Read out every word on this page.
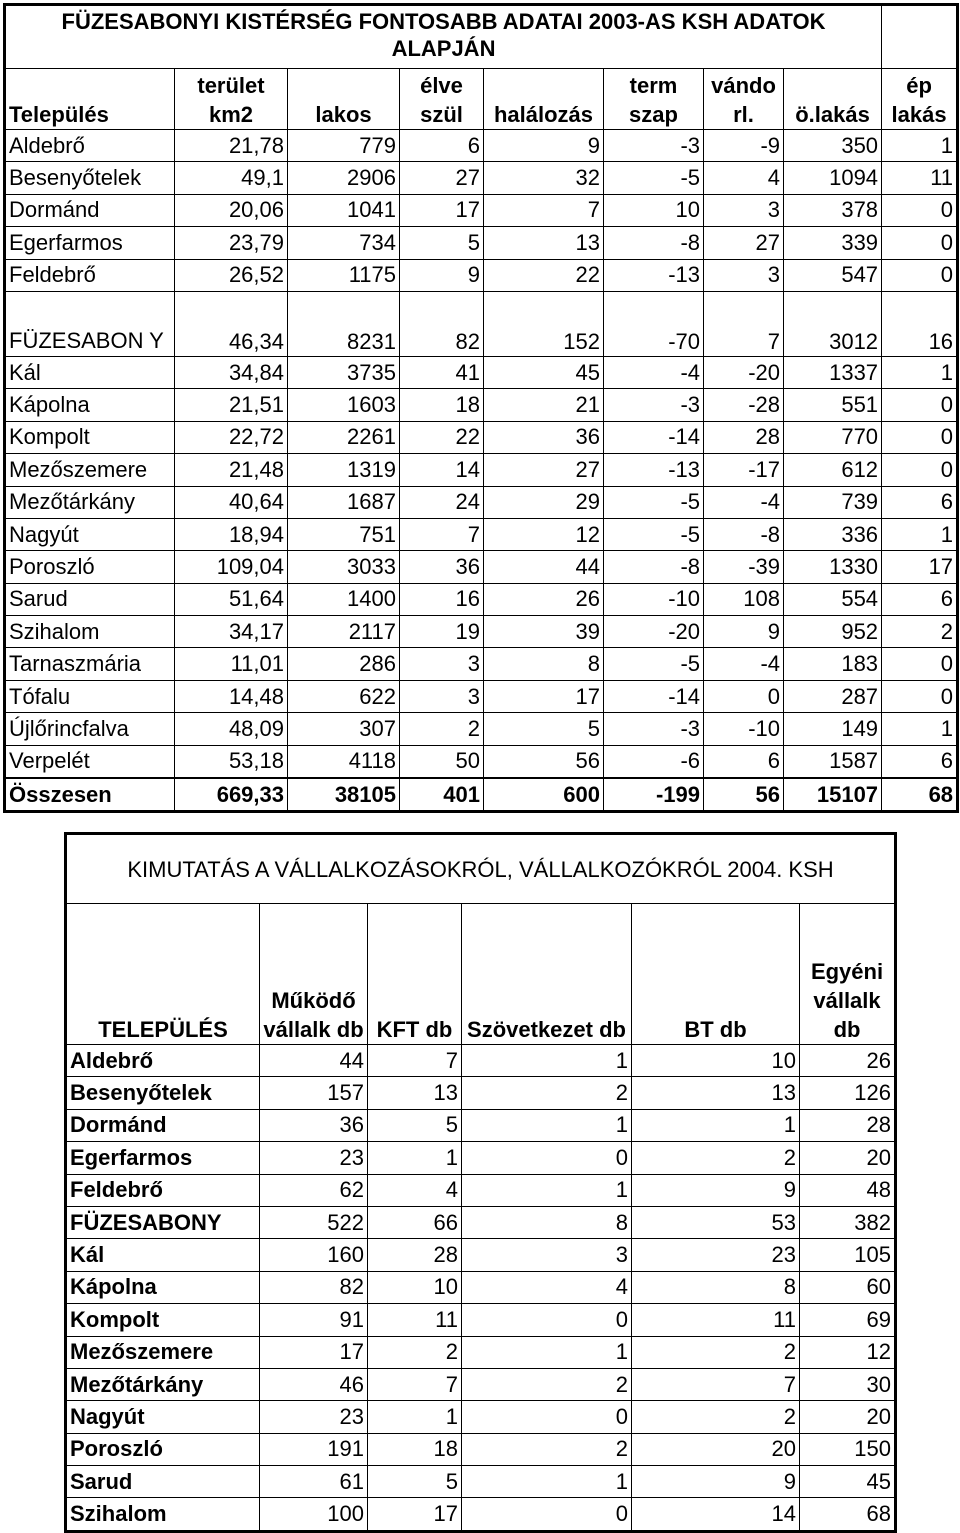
FÜZESABONYI KISTÉRSÉG FONTOSABB ADATAI 2003-AS KSH ADATOK ALAPJÁN								
Település	terület km2	lakos	élve szül	halálozás	term szap	vándo rl.	ö.lakás	ép lakás
Aldebrő	21,78	779	6	9	-3	-9	350	1
Besenyőtelek	49,1	2906	27	32	-5	4	1094	11
Dormánd	20,06	1041	17	7	10	3	378	0
Egerfarmos	23,79	734	5	13	-8	27	339	0
Feldebrő	26,52	1175	9	22	-13	3	547	0
FÜZESABON Y	46,34	8231	82	152	-70	7	3012	16
Kál	34,84	3735	41	45	-4	-20	1337	1
Kápolna	21,51	1603	18	21	-3	-28	551	0
Kompolt	22,72	2261	22	36	-14	28	770	0
Mezőszemere	21,48	1319	14	27	-13	-17	612	0
Mezőtárkány	40,64	1687	24	29	-5	-4	739	6
Nagyút	18,94	751	7	12	-5	-8	336	1
Poroszló	109,04	3033	36	44	-8	-39	1330	17
Sarud	51,64	1400	16	26	-10	108	554	6
Szihalom	34,17	2117	19	39	-20	9	952	2
Tarnaszmária	11,01	286	3	8	-5	-4	183	0
Tófalu	14,48	622	3	17	-14	0	287	0
Újlőrincfalva	48,09	307	2	5	-3	-10	149	1
Verpelét	53,18	4118	50	56	-6	6	1587	6
Összesen	669,33	38105	401	600	-199	56	15107	68
KIMUTATÁS A VÁLLALKOZÁSOKRÓL, VÁLLALKOZÓKRÓL 2004. KSH					
TELEPÜLÉS	Működő vállalk db	KFT db	Szövetkezet db	BT db	Egyéni vállalk db
Aldebrő	44	7	1	10	26
Besenyőtelek	157	13	2	13	126
Dormánd	36	5	1	1	28
Egerfarmos	23	1	0	2	20
Feldebrő	62	4	1	9	48
FÜZESABONY	522	66	8	53	382
Kál	160	28	3	23	105
Kápolna	82	10	4	8	60
Kompolt	91	11	0	11	69
Mezőszemere	17	2	1	2	12
Mezőtárkány	46	7	2	7	30
Nagyút	23	1	0	2	20
Poroszló	191	18	2	20	150
Sarud	61	5	1	9	45
Szihalom	100	17	0	14	68
